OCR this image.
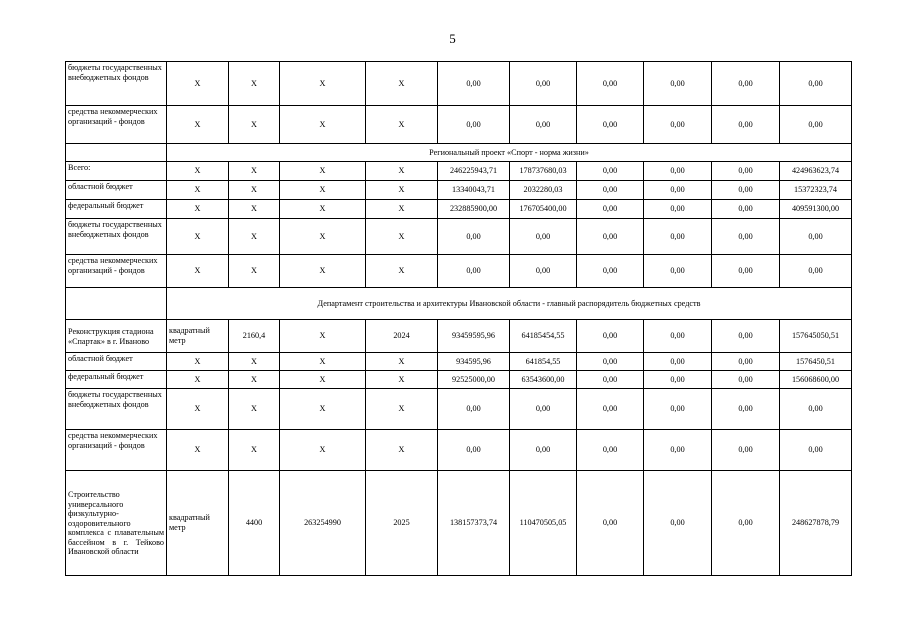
5
бюджеты государственных внебюджетных фондов	Х	Х	Х	Х	0,00	0,00	0,00	0,00	0,00	0,00
средства некоммерческих организаций - фондов	Х	Х	Х	Х	0,00	0,00	0,00	0,00	0,00	0,00
	Региональный проект «Спорт - норма жизни»									
Всего:	Х	Х	Х	Х	246225943,71	178737680,03	0,00	0,00	0,00	424963623,74
областной бюджет	Х	Х	Х	Х	13340043,71	2032280,03	0,00	0,00	0,00	15372323,74
федеральный бюджет	Х	Х	Х	Х	232885900,00	176705400,00	0,00	0,00	0,00	409591300,00
бюджеты государственных внебюджетных фондов	Х	Х	Х	Х	0,00	0,00	0,00	0,00	0,00	0,00
средства некоммерческих организаций - фондов	Х	Х	Х	Х	0,00	0,00	0,00	0,00	0,00	0,00
	Департамент строительства и архитектуры Ивановской области - главный распорядитель бюджетных средств									
Реконструкция стадиона «Спартак» в г. Иваново	квадратный метр	2160,4	Х	2024	93459595,96	64185454,55	0,00	0,00	0,00	157645050,51
областной бюджет	Х	Х	Х	Х	934595,96	641854,55	0,00	0,00	0,00	1576450,51
федеральный бюджет	Х	Х	Х	Х	92525000,00	63543600,00	0,00	0,00	0,00	156068600,00
бюджеты государственных внебюджетных фондов	Х	Х	Х	Х	0,00	0,00	0,00	0,00	0,00	0,00
средства некоммерческих организаций - фондов	Х	Х	Х	Х	0,00	0,00	0,00	0,00	0,00	0,00
Строительство универсального физкультурно-оздоровительного комплекса с плавательным бассейном в г. Тейково Ивановской области	квадратный метр	4400	263254990	2025	138157373,74	110470505,05	0,00	0,00	0,00	248627878,79
